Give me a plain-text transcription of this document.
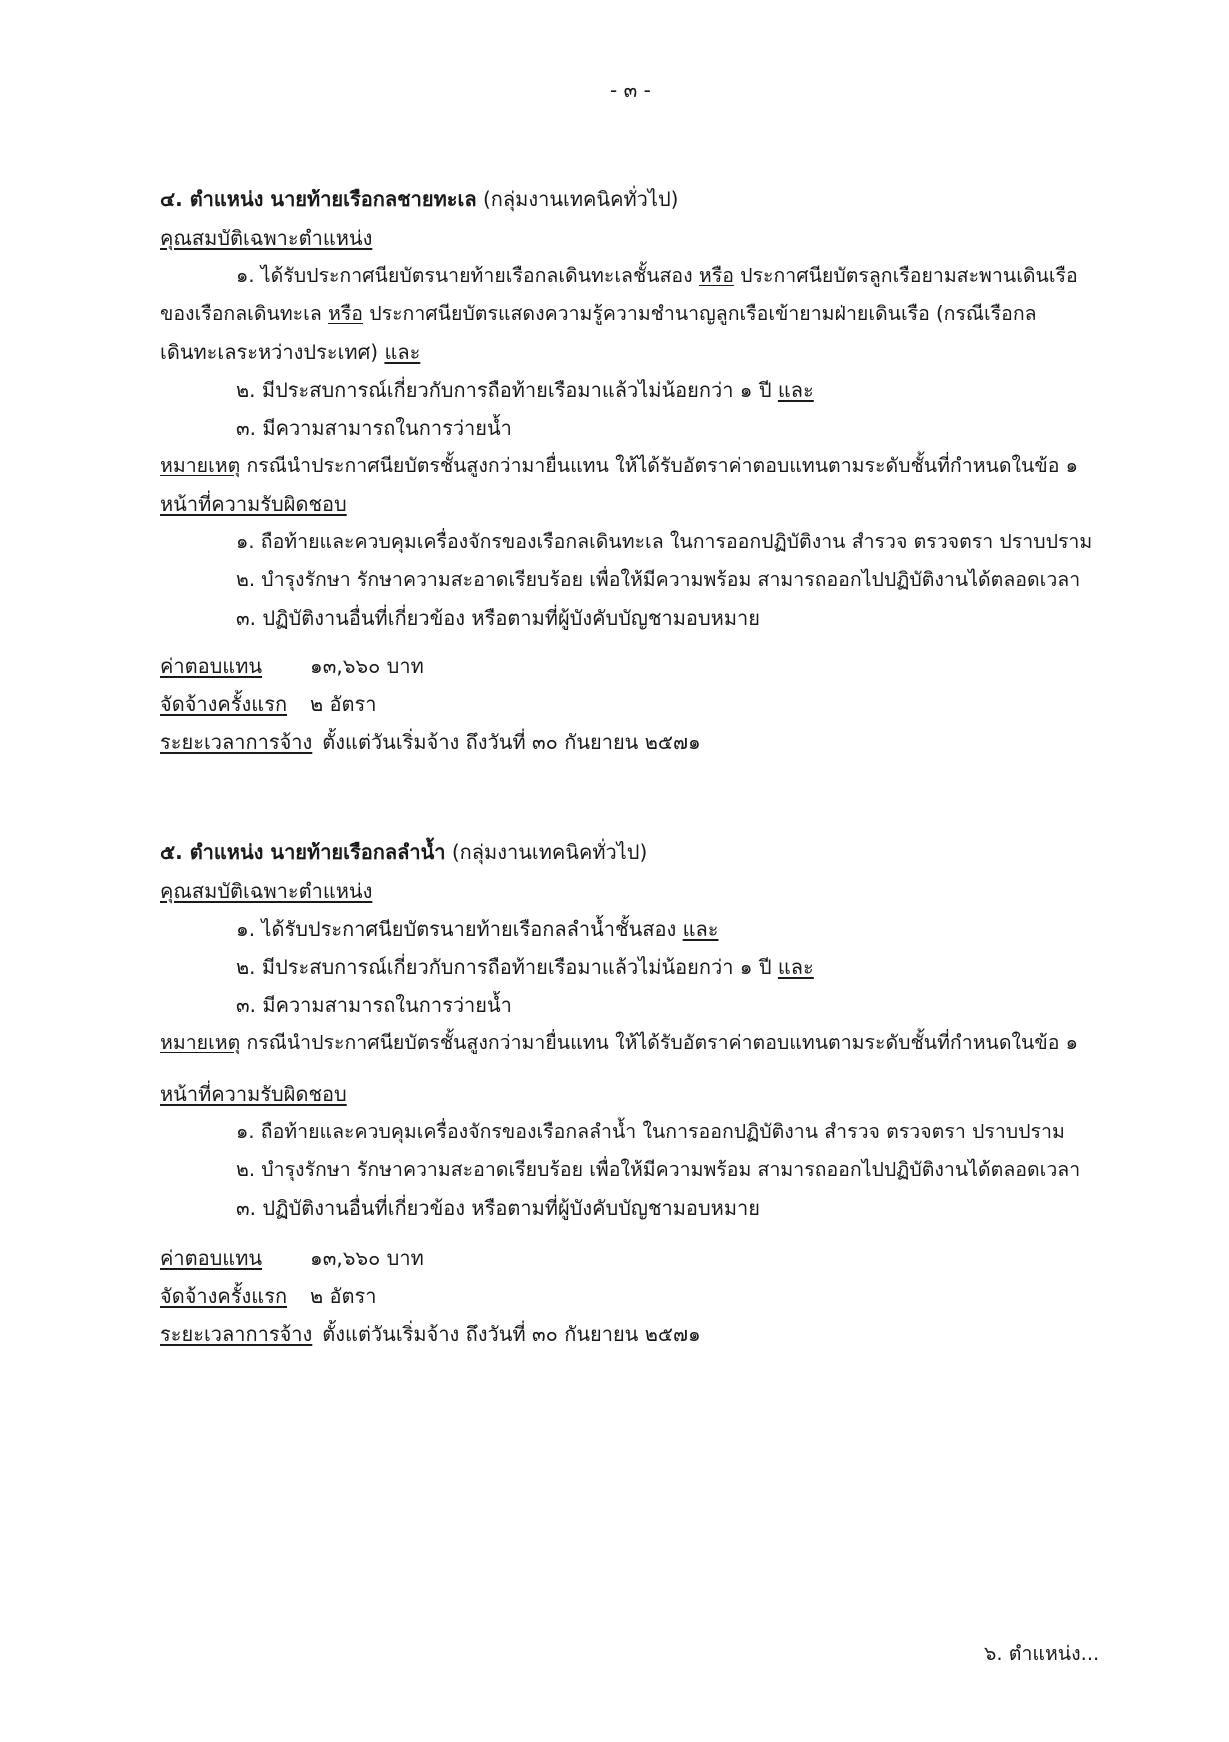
- ๓ -
๔. ตำแหน่ง นายท้ายเรือกลชายทะเล (กลุ่มงานเทคนิคทั่วไป)
คุณสมบัติเฉพาะตำแหน่ง
๑. ได้รับประกาศนียบัตรนายท้ายเรือกลเดินทะเลชั้นสอง หรือ ประกาศนียบัตรลูกเรือยามสะพานเดินเรือ
ของเรือกลเดินทะเล หรือ ประกาศนียบัตรแสดงความรู้ความชำนาญลูกเรือเข้ายามฝ่ายเดินเรือ (กรณีเรือกล
เดินทะเลระหว่างประเทศ) และ
๒. มีประสบการณ์เกี่ยวกับการถือท้ายเรือมาแล้วไม่น้อยกว่า ๑ ปี และ
๓. มีความสามารถในการว่ายน้ำ
หมายเหตุ กรณีนำประกาศนียบัตรชั้นสูงกว่ามายื่นแทน ให้ได้รับอัตราค่าตอบแทนตามระดับชั้นที่กำหนดในข้อ ๑
หน้าที่ความรับผิดชอบ
๑. ถือท้ายและควบคุมเครื่องจักรของเรือกลเดินทะเล ในการออกปฏิบัติงาน สำรวจ ตรวจตรา ปราบปราม
๒. บำรุงรักษา รักษาความสะอาดเรียบร้อย เพื่อให้มีความพร้อม สามารถออกไปปฏิบัติงานได้ตลอดเวลา
๓. ปฏิบัติงานอื่นที่เกี่ยวข้อง หรือตามที่ผู้บังคับบัญชามอบหมาย
ค่าตอบแทน ๑๓,๖๖๐ บาท
จัดจ้างครั้งแรก ๒ อัตรา
ระยะเวลาการจ้าง ตั้งแต่วันเริ่มจ้าง ถึงวันที่ ๓๐ กันยายน ๒๕๗๑
๕. ตำแหน่ง นายท้ายเรือกลลำน้ำ (กลุ่มงานเทคนิคทั่วไป)
คุณสมบัติเฉพาะตำแหน่ง
๑. ได้รับประกาศนียบัตรนายท้ายเรือกลลำน้ำชั้นสอง และ
๒. มีประสบการณ์เกี่ยวกับการถือท้ายเรือมาแล้วไม่น้อยกว่า ๑ ปี และ
๓. มีความสามารถในการว่ายน้ำ
หมายเหตุ กรณีนำประกาศนียบัตรชั้นสูงกว่ามายื่นแทน ให้ได้รับอัตราค่าตอบแทนตามระดับชั้นที่กำหนดในข้อ ๑
หน้าที่ความรับผิดชอบ
๑. ถือท้ายและควบคุมเครื่องจักรของเรือกลลำน้ำ ในการออกปฏิบัติงาน สำรวจ ตรวจตรา ปราบปราม
๒. บำรุงรักษา รักษาความสะอาดเรียบร้อย เพื่อให้มีความพร้อม สามารถออกไปปฏิบัติงานได้ตลอดเวลา
๓. ปฏิบัติงานอื่นที่เกี่ยวข้อง หรือตามที่ผู้บังคับบัญชามอบหมาย
ค่าตอบแทน ๑๓,๖๖๐ บาท
จัดจ้างครั้งแรก ๒ อัตรา
ระยะเวลาการจ้าง ตั้งแต่วันเริ่มจ้าง ถึงวันที่ ๓๐ กันยายน ๒๕๗๑
๖. ตำแหน่ง...
